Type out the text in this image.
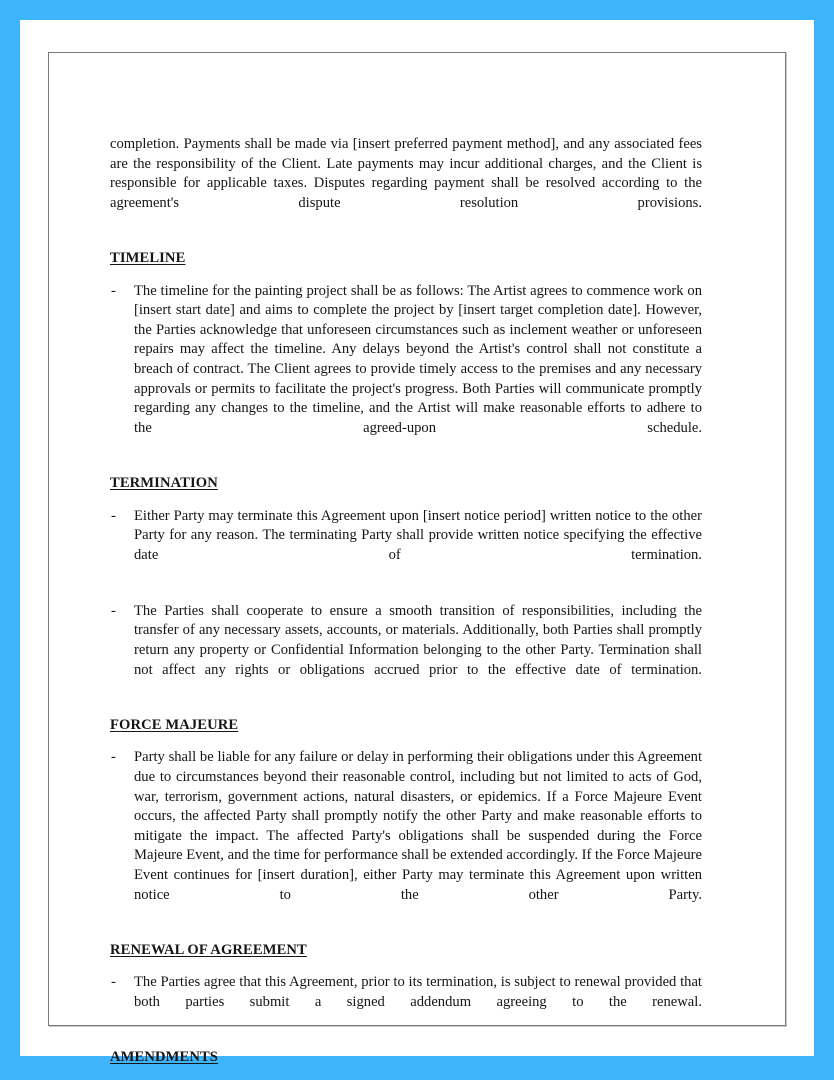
completion. Payments shall be made via [insert preferred payment method], and any associated fees are the responsibility of the Client. Late payments may incur additional charges, and the Client is responsible for applicable taxes. Disputes regarding payment shall be resolved according to the agreement's dispute resolution provisions.
TIMELINE
-	The timeline for the painting project shall be as follows: The Artist agrees to commence work on [insert start date] and aims to complete the project by [insert target completion date]. However, the Parties acknowledge that unforeseen circumstances such as inclement weather or unforeseen repairs may affect the timeline. Any delays beyond the Artist's control shall not constitute a breach of contract. The Client agrees to provide timely access to the premises and any necessary approvals or permits to facilitate the project's progress. Both Parties will communicate promptly regarding any changes to the timeline, and the Artist will make reasonable efforts to adhere to the agreed-upon schedule.
TERMINATION
-	Either Party may terminate this Agreement upon [insert notice period] written notice to the other Party for any reason. The terminating Party shall provide written notice specifying the effective date of termination.
-	The Parties shall cooperate to ensure a smooth transition of responsibilities, including the transfer of any necessary assets, accounts, or materials. Additionally, both Parties shall promptly return any property or Confidential Information belonging to the other Party. Termination shall not affect any rights or obligations accrued prior to the effective date of termination.
FORCE MAJEURE
-	Party shall be liable for any failure or delay in performing their obligations under this Agreement due to circumstances beyond their reasonable control, including but not limited to acts of God, war, terrorism, government actions, natural disasters, or epidemics. If a Force Majeure Event occurs, the affected Party shall promptly notify the other Party and make reasonable efforts to mitigate the impact. The affected Party's obligations shall be suspended during the Force Majeure Event, and the time for performance shall be extended accordingly. If the Force Majeure Event continues for [insert duration], either Party may terminate this Agreement upon written notice to the other Party.
RENEWAL OF AGREEMENT
-	The Parties agree that this Agreement, prior to its termination, is subject to renewal provided that both parties submit a signed addendum agreeing to the renewal.
AMENDMENTS
